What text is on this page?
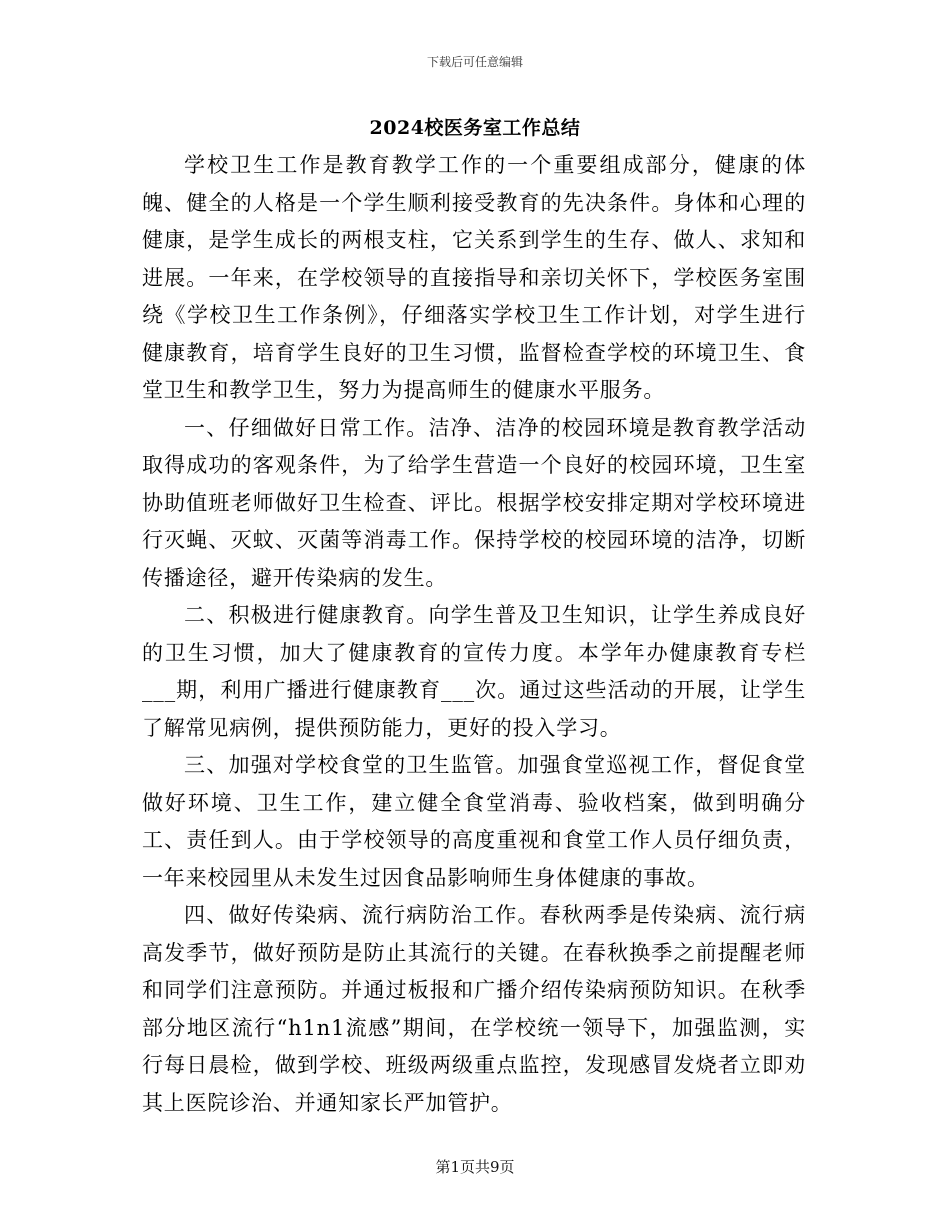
下载后可任意编辑
2024校医务室工作总结

学校卫生工作是教育教学工作的一个重要组成部分，健康的体魄、健全的人格是一个学生顺利接受教育的先决条件。身体和心理的健康，是学生成长的两根支柱，它关系到学生的生存、做人、求知和进展。一年来，在学校领导的直接指导和亲切关怀下，学校医务室围绕《学校卫生工作条例》，仔细落实学校卫生工作计划，对学生进行健康教育，培育学生良好的卫生习惯，监督检查学校的环境卫生、食堂卫生和教学卫生，努力为提高师生的健康水平服务。

一、仔细做好日常工作。洁净、洁净的校园环境是教育教学活动取得成功的客观条件，为了给学生营造一个良好的校园环境，卫生室协助值班老师做好卫生检查、评比。根据学校安排定期对学校环境进行灭蝇、灭蚊、灭菌等消毒工作。保持学校的校园环境的洁净，切断传播途径，避开传染病的发生。

二、积极进行健康教育。向学生普及卫生知识，让学生养成良好的卫生习惯，加大了健康教育的宣传力度。本学年办健康教育专栏___期，利用广播进行健康教育___次。通过这些活动的开展，让学生了解常见病例，提供预防能力，更好的投入学习。

三、加强对学校食堂的卫生监管。加强食堂巡视工作，督促食堂做好环境、卫生工作，建立健全食堂消毒、验收档案，做到明确分工、责任到人。由于学校领导的高度重视和食堂工作人员仔细负责，一年来校园里从未发生过因食品影响师生身体健康的事故。

四、做好传染病、流行病防治工作。春秋两季是传染病、流行病高发季节，做好预防是防止其流行的关键。在春秋换季之前提醒老师和同学们注意预防。并通过板报和广播介绍传染病预防知识。在秋季部分地区流行“h1n1流感”期间，在学校统一领导下，加强监测，实行每日晨检，做到学校、班级两级重点监控，发现感冒发烧者立即劝其上医院诊治、并通知家长严加管护。

第1页共9页
